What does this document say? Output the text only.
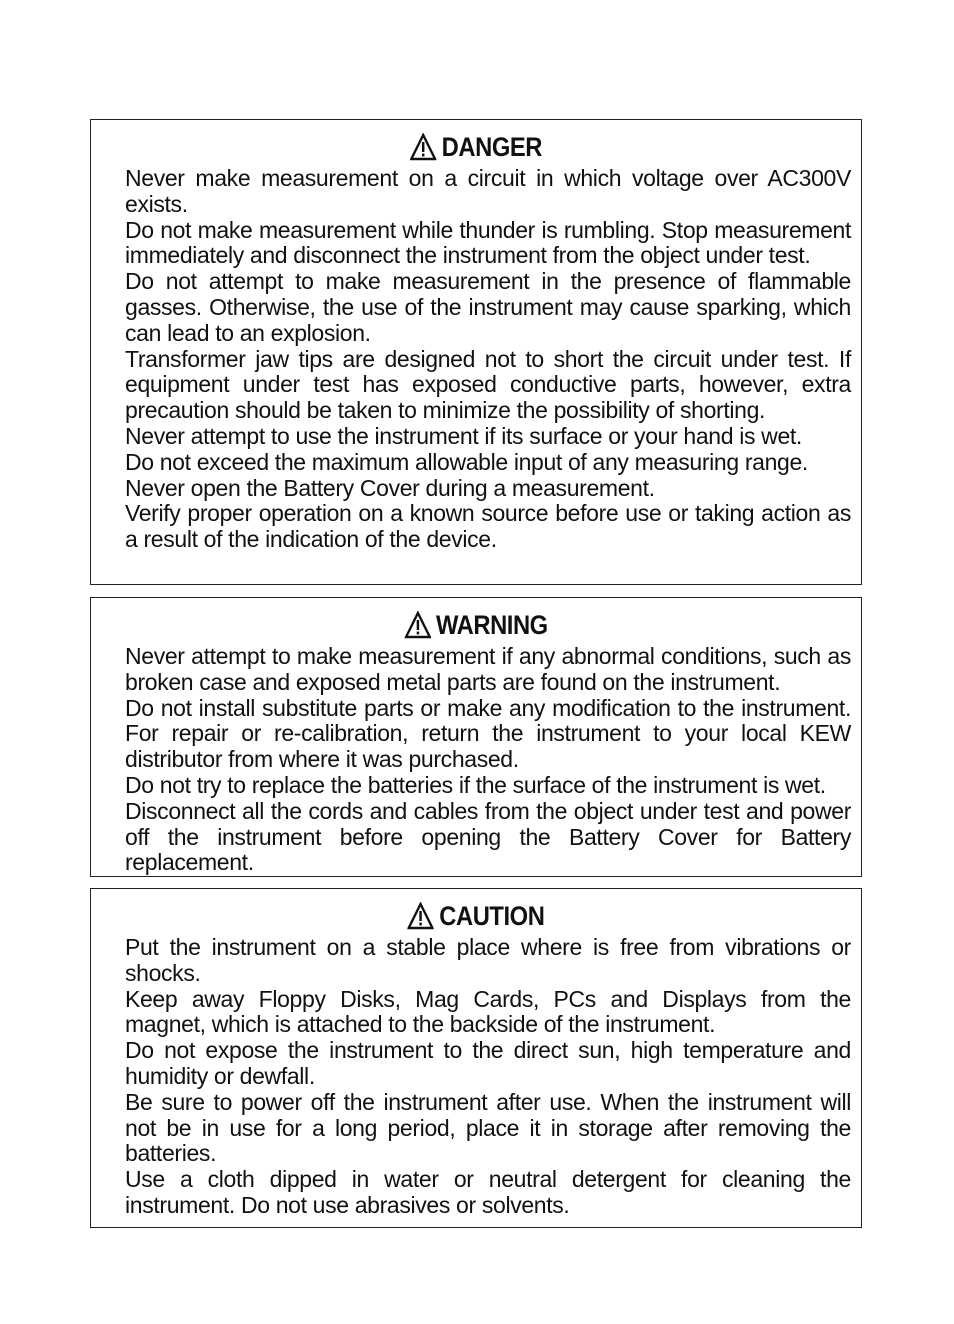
DANGER
Never make measurement on a circuit in which voltage over AC300V exists.
Do not make measurement while thunder is rumbling. Stop measurement immediately and disconnect the instrument from the object under test.
Do not attempt to make measurement in the presence of flammable gasses. Otherwise, the use of the instrument may cause sparking, which can lead to an explosion.
Transformer jaw tips are designed not to short the circuit under test. If equipment under test has exposed conductive parts, however, extra precaution should be taken to minimize the possibility of shorting.
Never attempt to use the instrument if its surface or your hand is wet.
Do not exceed the maximum allowable input of any measuring range.
Never open the Battery Cover during a measurement.
Verify proper operation on a known source before use or taking action as a result of the indication of the device.
WARNING
Never attempt to make measurement if any abnormal conditions, such as broken case and exposed metal parts are found on the instrument.
Do not install substitute parts or make any modification to the instrument. For repair or re-calibration, return the instrument to your local KEW distributor from where it was purchased.
Do not try to replace the batteries if the surface of the instrument is wet.
Disconnect all the cords and cables from the object under test and power off the instrument before opening the Battery Cover for Battery replacement.
CAUTION
Put the instrument on a stable place where is free from vibrations or shocks.
Keep away Floppy Disks, Mag Cards, PCs and Displays from the magnet, which is attached to the backside of the instrument.
Do not expose the instrument to the direct sun, high temperature and humidity or dewfall.
Be sure to power off the instrument after use. When the instrument will not be in use for a long period, place it in storage after removing the batteries.
Use a cloth dipped in water or neutral detergent for cleaning the instrument. Do not use abrasives or solvents.
